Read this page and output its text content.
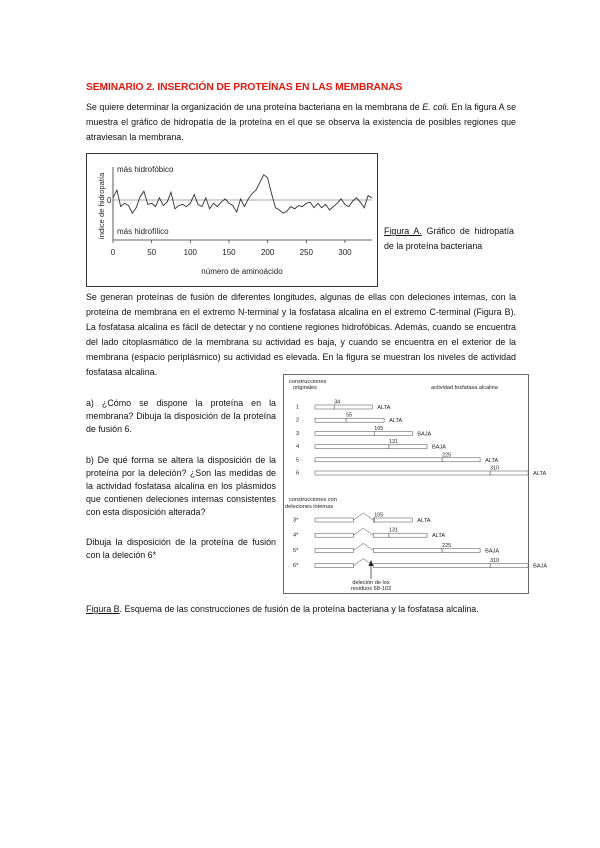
SEMINARIO 2. INSERCIÓN DE PROTEÍNAS EN LAS MEMBRANAS
Se quiere determinar la organización de una proteína bacteriana en la membrana de E. coli. En la figura A se muestra el gráfico de hidropatía de la proteína en el que se observa la existencia de posibles regiones que atraviesan la membrana.
índice de hidropatía 0
más hidrofóbico
más hidrofílico
0	50	100	150	200	250	300
número de aminoácido
Figura A. Gráfico de hidropatía de la proteína bacteriana
Se generan proteínas de fusión de diferentes longitudes, algunas de ellas con deleciones internas, con la proteína de membrana en el extremo N-terminal y la fosfatasa alcalina en el extremo C-terminal (Figura B). La fosfatasa alcalina es fácil de detectar y no contiene regiones hidrofóbicas. Además, cuando se encuentra del lado citoplasmático de la membrana su actividad es baja, y cuando se encuentra en el exterior de la membrana (espacio periplásmico) su actividad es elevada. En la figura se muestran los niveles de actividad fosfatasa alcalina.
a) ¿Cómo se dispone la proteína en la membrana? Dibuja la disposición de la proteína de fusión 6.
b) De qué forma se altera la disposición de la proteína por la deleción? ¿Son las medidas de la actividad fosfatasa alcalina en los plásmidos que contienen deleciones internas consistentes con esta disposición alterada?
Dibuja la disposición de la proteína de fusión con la deleción 6*
construcciones originales	actividad fosfatasa alcalina
construcciones con deleciones internas
1
34
ALTA
2
55
ALTA
3
105
BAJA
4
131
BAJA
5
225
ALTA
6
310
ALTA
3*
105
ALTA
4*
131
ALTA
5*
225
BAJA
6*
310
BAJA
deleción de los residuos 68-103
Figura B. Esquema de las construcciones de fusión de la proteína bacteriana y la fosfatasa alcalina.
